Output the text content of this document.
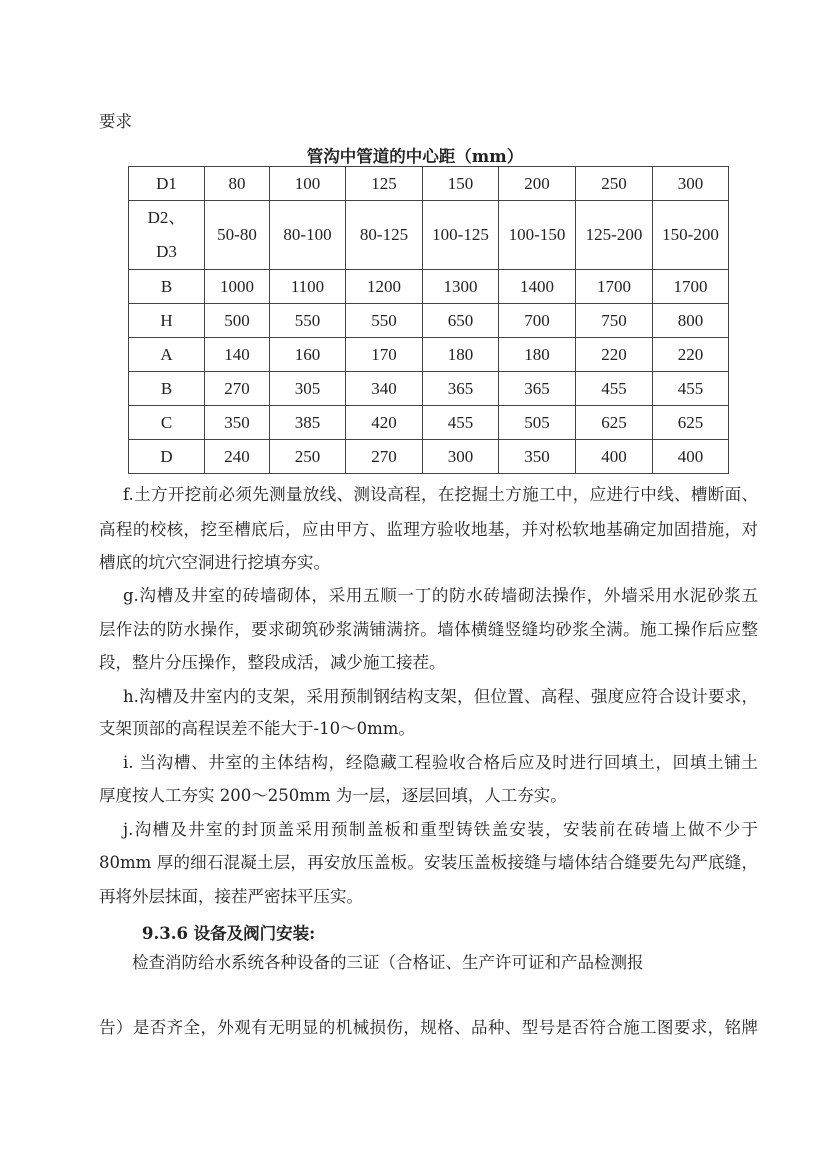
要求
管沟中管道的中心距（mm）
D1	80	100	125	150	200	250	300
D2、D3	50-80	80-100	80-125	100-125	100-150	125-200	150-200
B	1000	1100	1200	1300	1400	1700	1700
H	500	550	550	650	700	750	800
A	140	160	170	180	180	220	220
B	270	305	340	365	365	455	455
C	350	385	420	455	505	625	625
D	240	250	270	300	350	400	400
f.土方开挖前必须先测量放线、测设高程，在挖掘土方施工中，应进行中线、槽断面、
高程的校核，挖至槽底后，应由甲方、监理方验收地基，并对松软地基确定加固措施，对
槽底的坑穴空洞进行挖填夯实。
g.沟槽及井室的砖墙砌体，采用五顺一丁的防水砖墙砌法操作，外墙采用水泥砂浆五
层作法的防水操作，要求砌筑砂浆满铺满挤。墙体横缝竖缝均砂浆全满。施工操作后应整
段，整片分压操作，整段成活，减少施工接茬。
h.沟槽及井室内的支架，采用预制钢结构支架，但位置、高程、强度应符合设计要求，
支架顶部的高程误差不能大于-10～0mm。
i. 当沟槽、井室的主体结构，经隐藏工程验收合格后应及时进行回填土，回填土铺土
厚度按人工夯实 200～250mm 为一层，逐层回填，人工夯实。
j.沟槽及井室的封顶盖采用预制盖板和重型铸铁盖安装，安装前在砖墙上做不少于
80mm 厚的细石混凝土层，再安放压盖板。安装压盖板接缝与墙体结合缝要先勾严底缝，
再将外层抹面，接茬严密抹平压实。
9.3.6 设备及阀门安装:
检查消防给水系统各种设备的三证（合格证、生产许可证和产品检测报
告）是否齐全，外观有无明显的机械损伤，规格、品种、型号是否符合施工图要求，铭牌
